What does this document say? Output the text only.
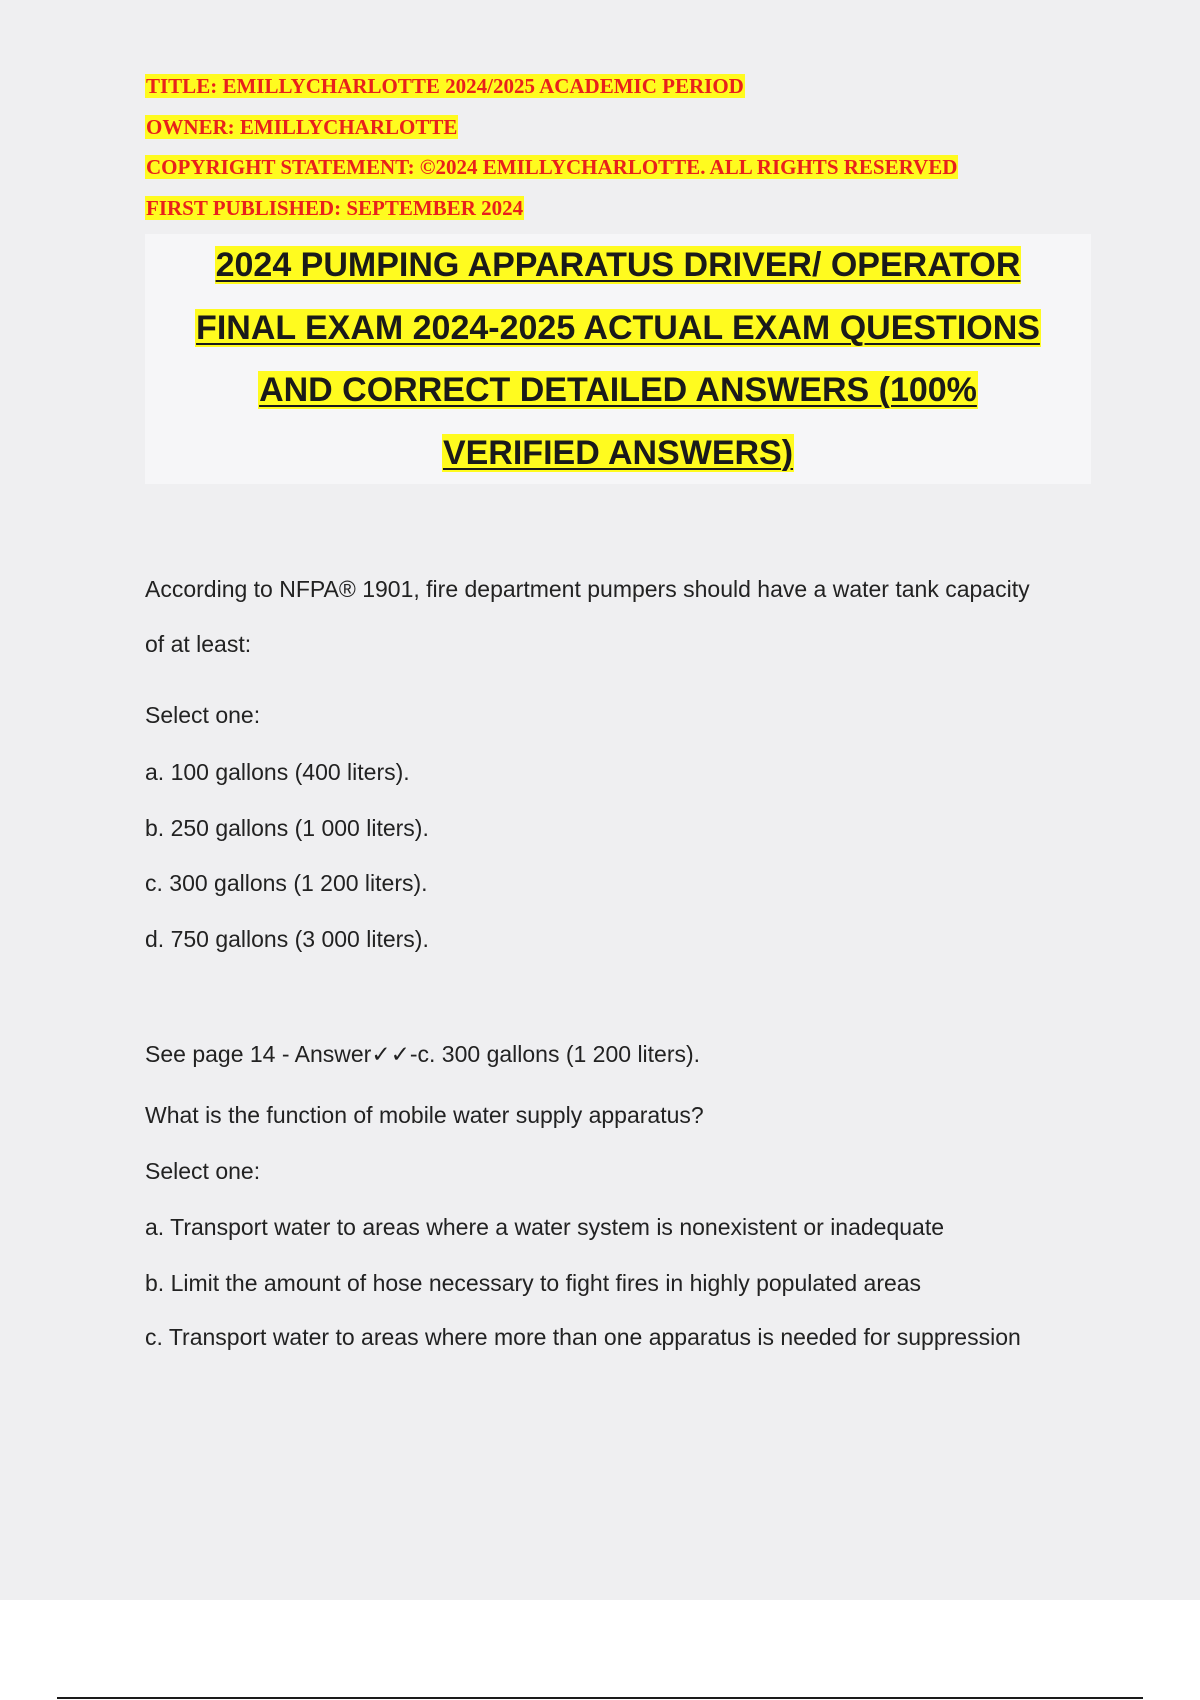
TITLE: EMILLYCHARLOTTE 2024/2025 ACADEMIC PERIOD
OWNER: EMILLYCHARLOTTE
COPYRIGHT STATEMENT: ©2024 EMILLYCHARLOTTE. ALL RIGHTS RESERVED
FIRST PUBLISHED: SEPTEMBER 2024
2024 PUMPING APPARATUS DRIVER/ OPERATOR
FINAL EXAM 2024-2025 ACTUAL EXAM QUESTIONS
AND CORRECT DETAILED ANSWERS (100%
VERIFIED ANSWERS)
According to NFPA® 1901, fire department pumpers should have a water tank capacity
of at least:
Select one:
a. 100 gallons (400 liters).
b. 250 gallons (1 000 liters).
c. 300 gallons (1 200 liters).
d. 750 gallons (3 000 liters).
See page 14 - Answer✓✓-c. 300 gallons (1 200 liters).
What is the function of mobile water supply apparatus?
Select one:
a. Transport water to areas where a water system is nonexistent or inadequate
b. Limit the amount of hose necessary to fight fires in highly populated areas
c. Transport water to areas where more than one apparatus is needed for suppression
